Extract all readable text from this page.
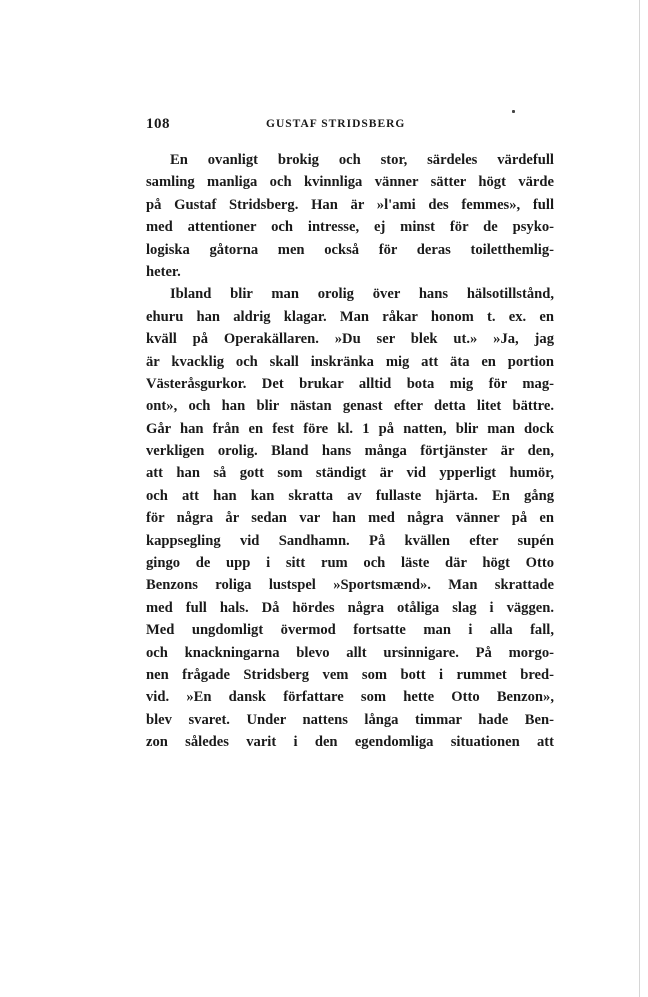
108	GUSTAF STRIDSBERG
En ovanligt brokig och stor, särdeles värdefull
samling manliga och kvinnliga vänner sätter högt värde
på Gustaf Stridsberg. Han är »l'ami des femmes», full
med attentioner och intresse, ej minst för de psyko-
logiska gåtorna men också för deras toiletthemlig-
heter.
Ibland blir man orolig över hans hälsotillstånd,
ehuru han aldrig klagar. Man råkar honom t. ex. en
kväll på Operakällaren. »Du ser blek ut.» »Ja, jag
är kvacklig och skall inskränka mig att äta en portion
Västeråsgurkor. Det brukar alltid bota mig för mag-
ont», och han blir nästan genast efter detta litet bättre.
Går han från en fest före kl. 1 på natten, blir man dock
verkligen orolig. Bland hans många förtjänster är den,
att han så gott som ständigt är vid ypperligt humör,
och att han kan skratta av fullaste hjärta. En gång
för några år sedan var han med några vänner på en
kappsegling vid Sandhamn. På kvällen efter supén
gingo de upp i sitt rum och läste där högt Otto
Benzons roliga lustspel »Sportsmænd». Man skrattade
med full hals. Då hördes några otåliga slag i väggen.
Med ungdomligt övermod fortsatte man i alla fall,
och knackningarna blevo allt ursinnigare. På morgo-
nen frågade Stridsberg vem som bott i rummet bred-
vid. »En dansk författare som hette Otto Benzon»,
blev svaret. Under nattens långa timmar hade Ben-
zon således varit i den egendomliga situationen att
